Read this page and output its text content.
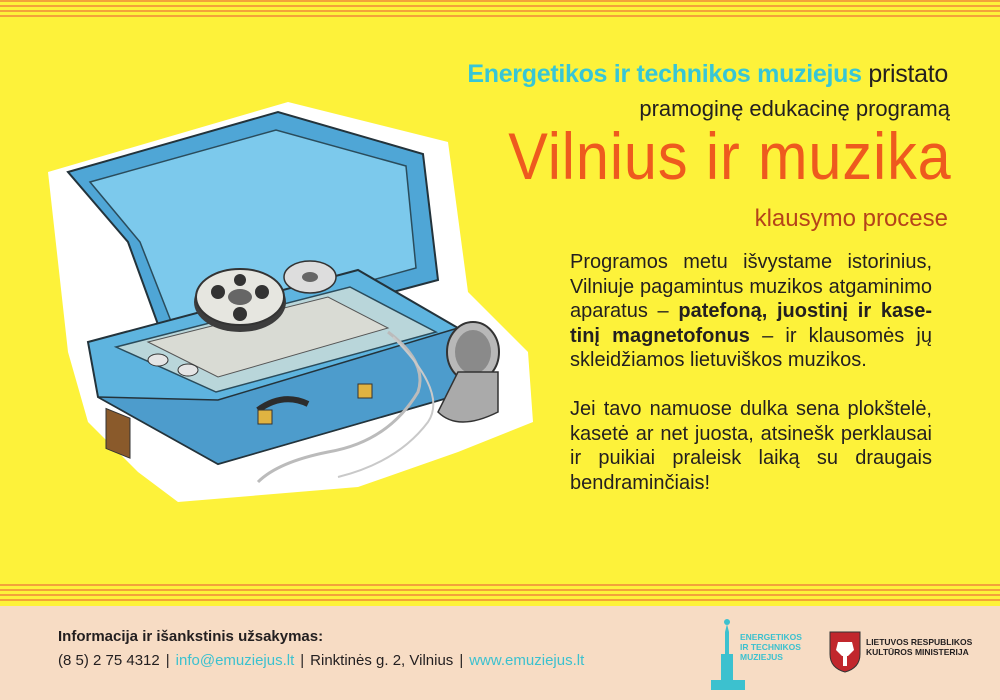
Energetikos ir technikos muziejus pristato
pramoginę edukacinę programą
Vilnius ir muzika
klausymo procese

Programos metu išvystame istorinius, Vilniuje pagamintus muzikos atgaminimo aparatus – patefoną, juostinį ir kasetinį magnetofonus – ir klausomės jų skleidžiamos lietuviškos muzikos.

Jei tavo namuose dulka sena plokštelė, kasetė ar net juosta, atsinešk perklausai ir puikiai praleisk laiką su draugais bendraminčiais!

Informacija ir išankstinis užsakymas:
(8 5) 2 75 4312 | info@emuziejus.lt | Rinktinės g. 2, Vilnius | www.emuziejus.lt
ENERGETIKOS
IR TECHNIKOS
MUZIEJUS
LIETUVOS RESPUBLIKOS
KULTŪROS MINISTERIJA
